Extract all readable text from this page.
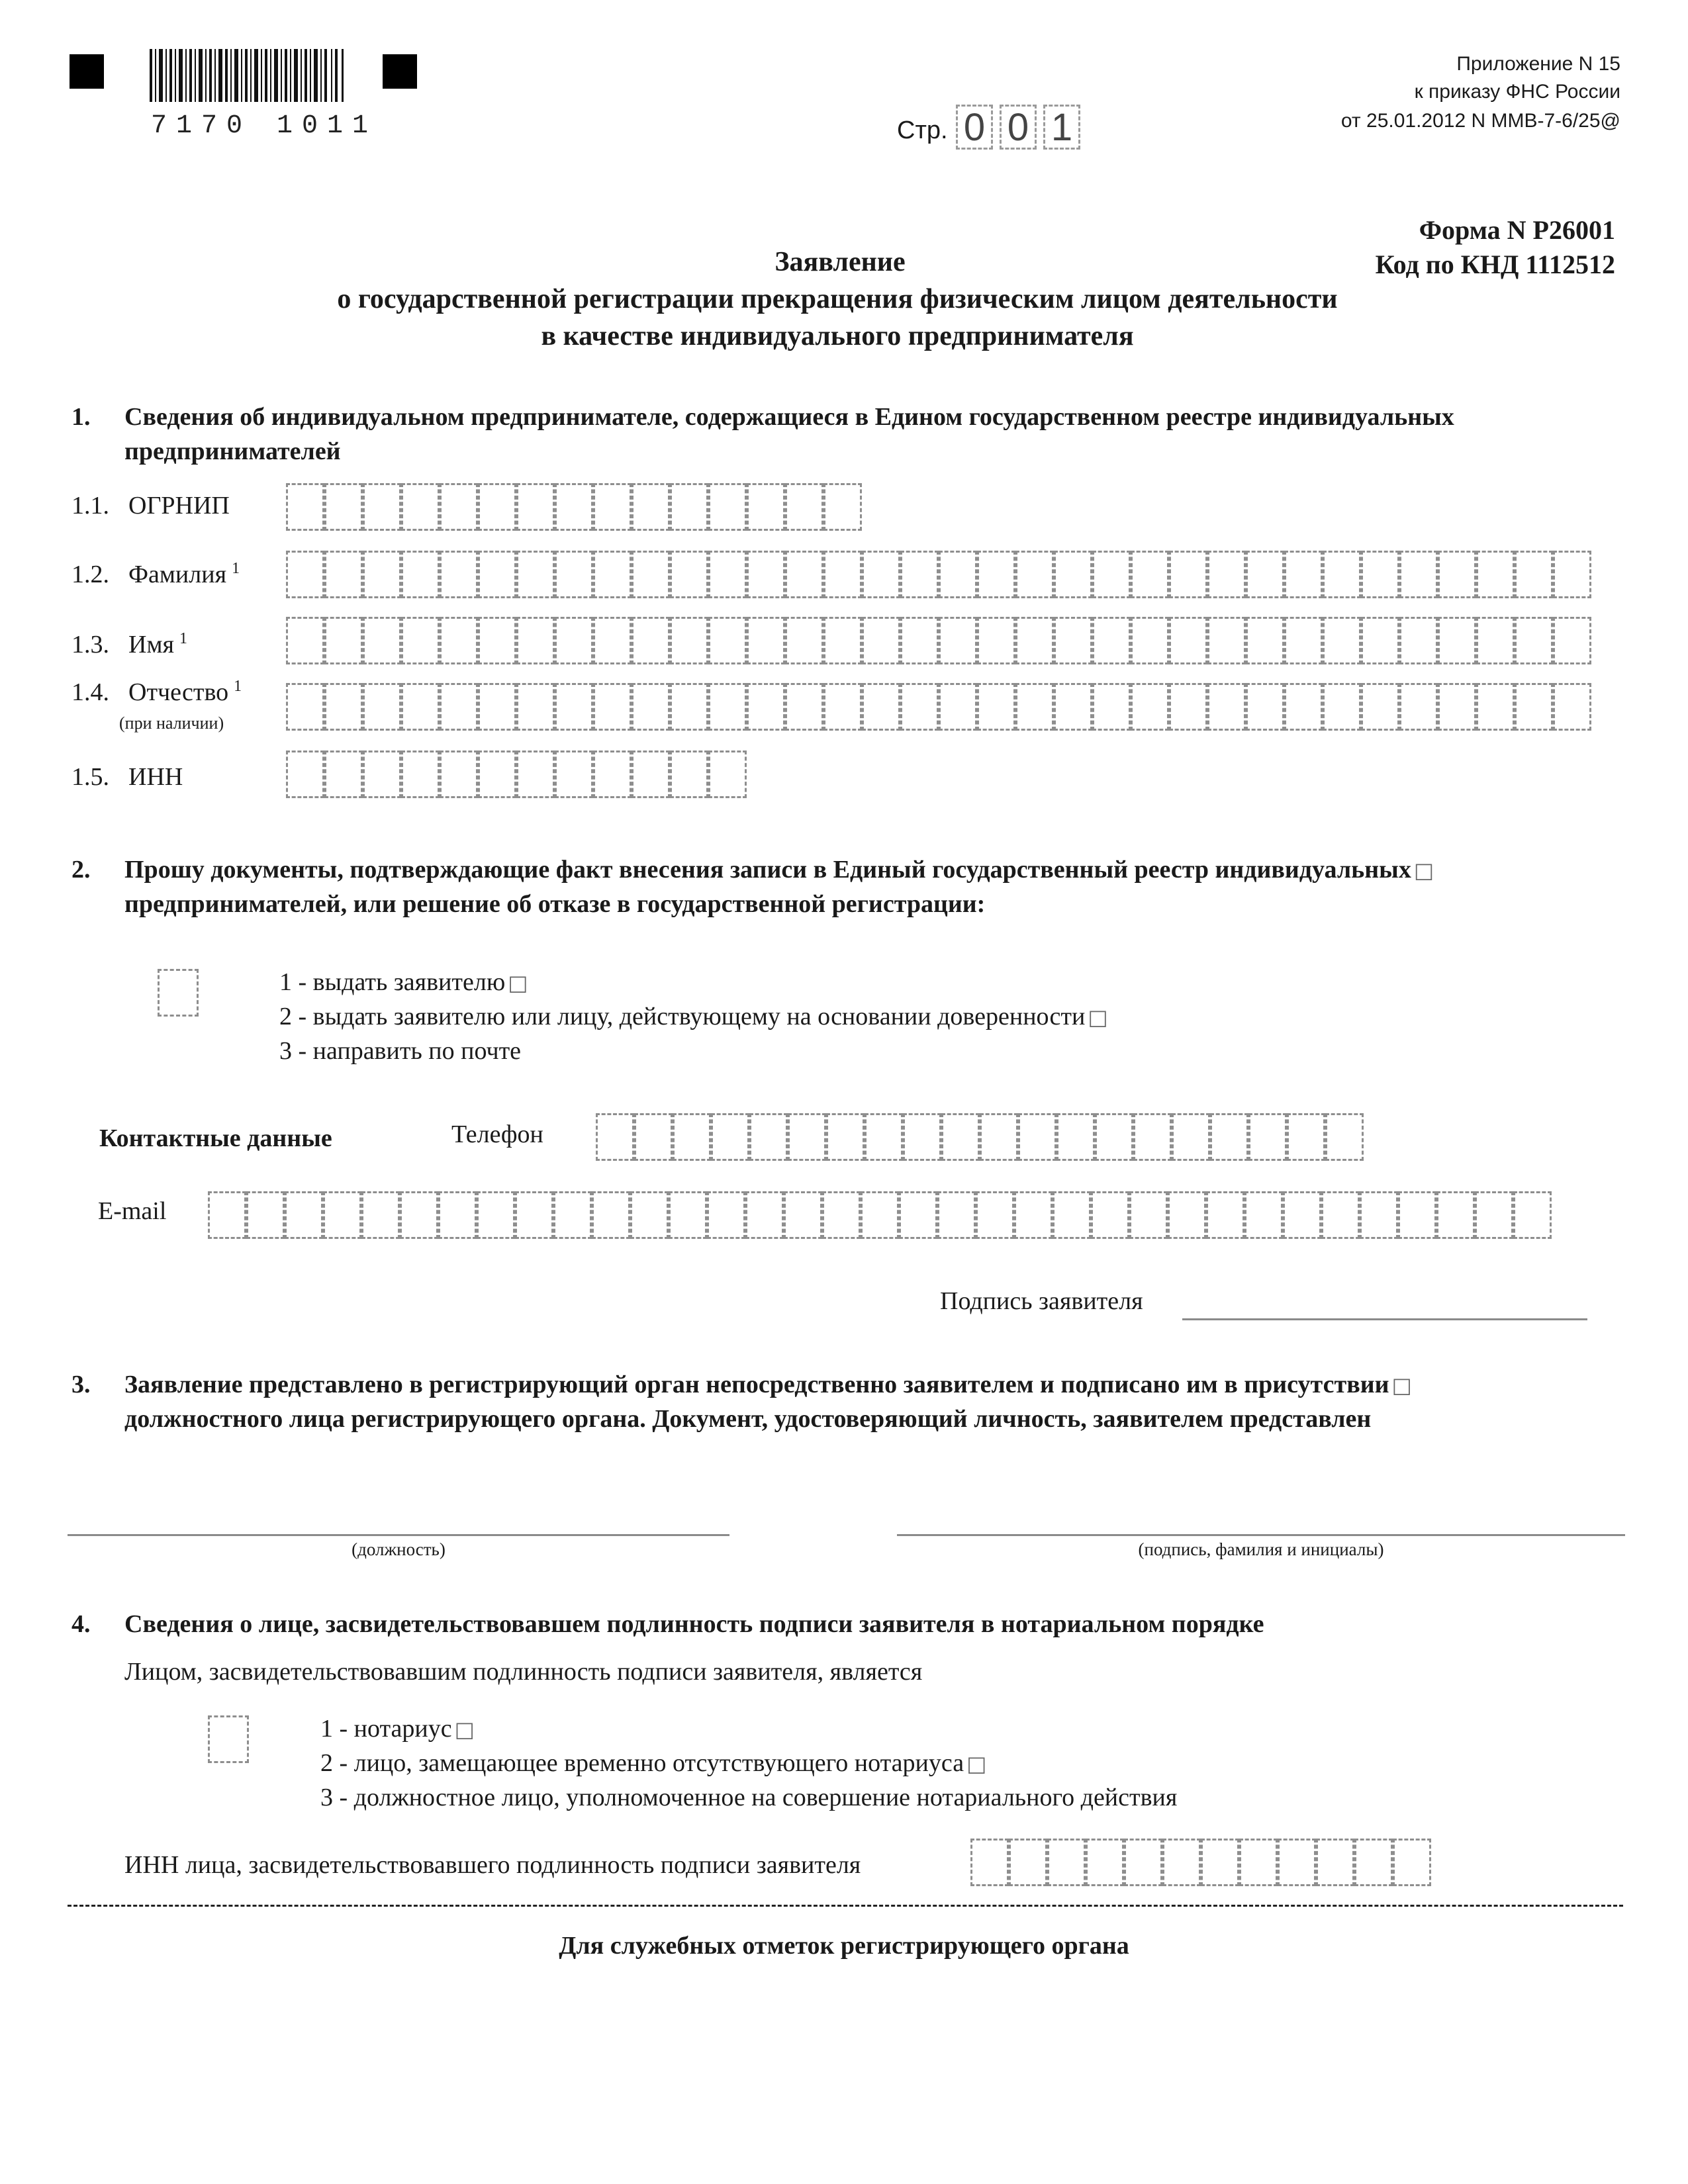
7170 1011	Стр. 0 0 1
Приложение N 15
к приказу ФНС России
от 25.01.2012 N ММВ-7-6/25@
Форма N Р26001
Код по КНД 1112512
Заявление
о государственной регистрации прекращения физическим лицом деятельности
в качестве индивидуального предпринимателя
1. Сведения об индивидуальном предпринимателе, содержащиеся в Едином государственном реестре индивидуальных
предпринимателей
1.1. ОГРНИП
1.2. Фамилия $^1$
1.3. Имя $^1$
1.4. Отчество $^1$
(при наличии)
1.5. ИНН
2. Прошу документы, подтверждающие факт внесения записи в Единый государственный реестр индивидуальных □
предпринимателей, или решение об отказе в государственной регистрации:
1 - выдать заявителю □
2 - выдать заявителю или лицу, действующему на основании доверенности □
3 - направить по почте
Контактные данные	Телефон
E-mail
Подпись заявителя
3. Заявление представлено в регистрирующий орган непосредственно заявителем и подписано им в присутствии □
должностного лица регистрирующего органа. Документ, удостоверяющий личность, заявителем представлен
(должность)	(подпись, фамилия и инициалы)
4. Сведения о лице, засвидетельствовавшем подлинность подписи заявителя в нотариальном порядке
Лицом, засвидетельствовавшим подлинность подписи заявителя, является
1 - нотариус □
2 - лицо, замещающее временно отсутствующего нотариуса □
3 - должностное лицо, уполномоченное на совершение нотариального действия
ИНН лица, засвидетельствовавшего подлинность подписи заявителя
Для служебных отметок регистрирующего органа
